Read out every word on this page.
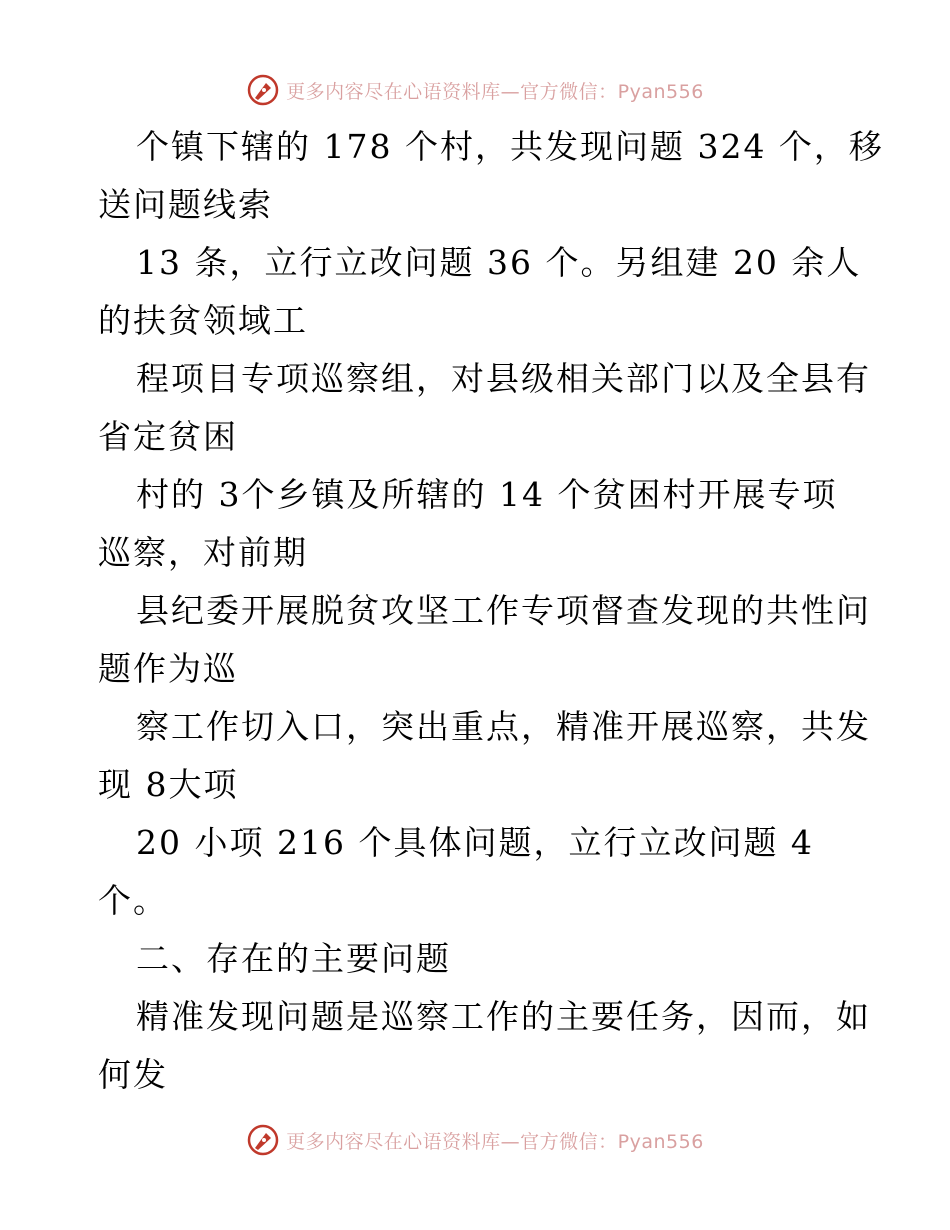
更多内容尽在心语资料库—官方微信：Pyan556
个镇下辖的 178 个村，共发现问题 324 个，移
送问题线索
13 条，立行立改问题 36 个。另组建 20 余人
的扶贫领域工
程项目专项巡察组，对县级相关部门以及全县有
省定贫困
村的 3个乡镇及所辖的 14 个贫困村开展专项
巡察，对前期
县纪委开展脱贫攻坚工作专项督查发现的共性问
题作为巡
察工作切入口，突出重点，精准开展巡察，共发
现 8大项
20 小项 216 个具体问题，立行立改问题 4
个。
二、存在的主要问题
精准发现问题是巡察工作的主要任务，因而，如
何发
更多内容尽在心语资料库—官方微信：Pyan556
